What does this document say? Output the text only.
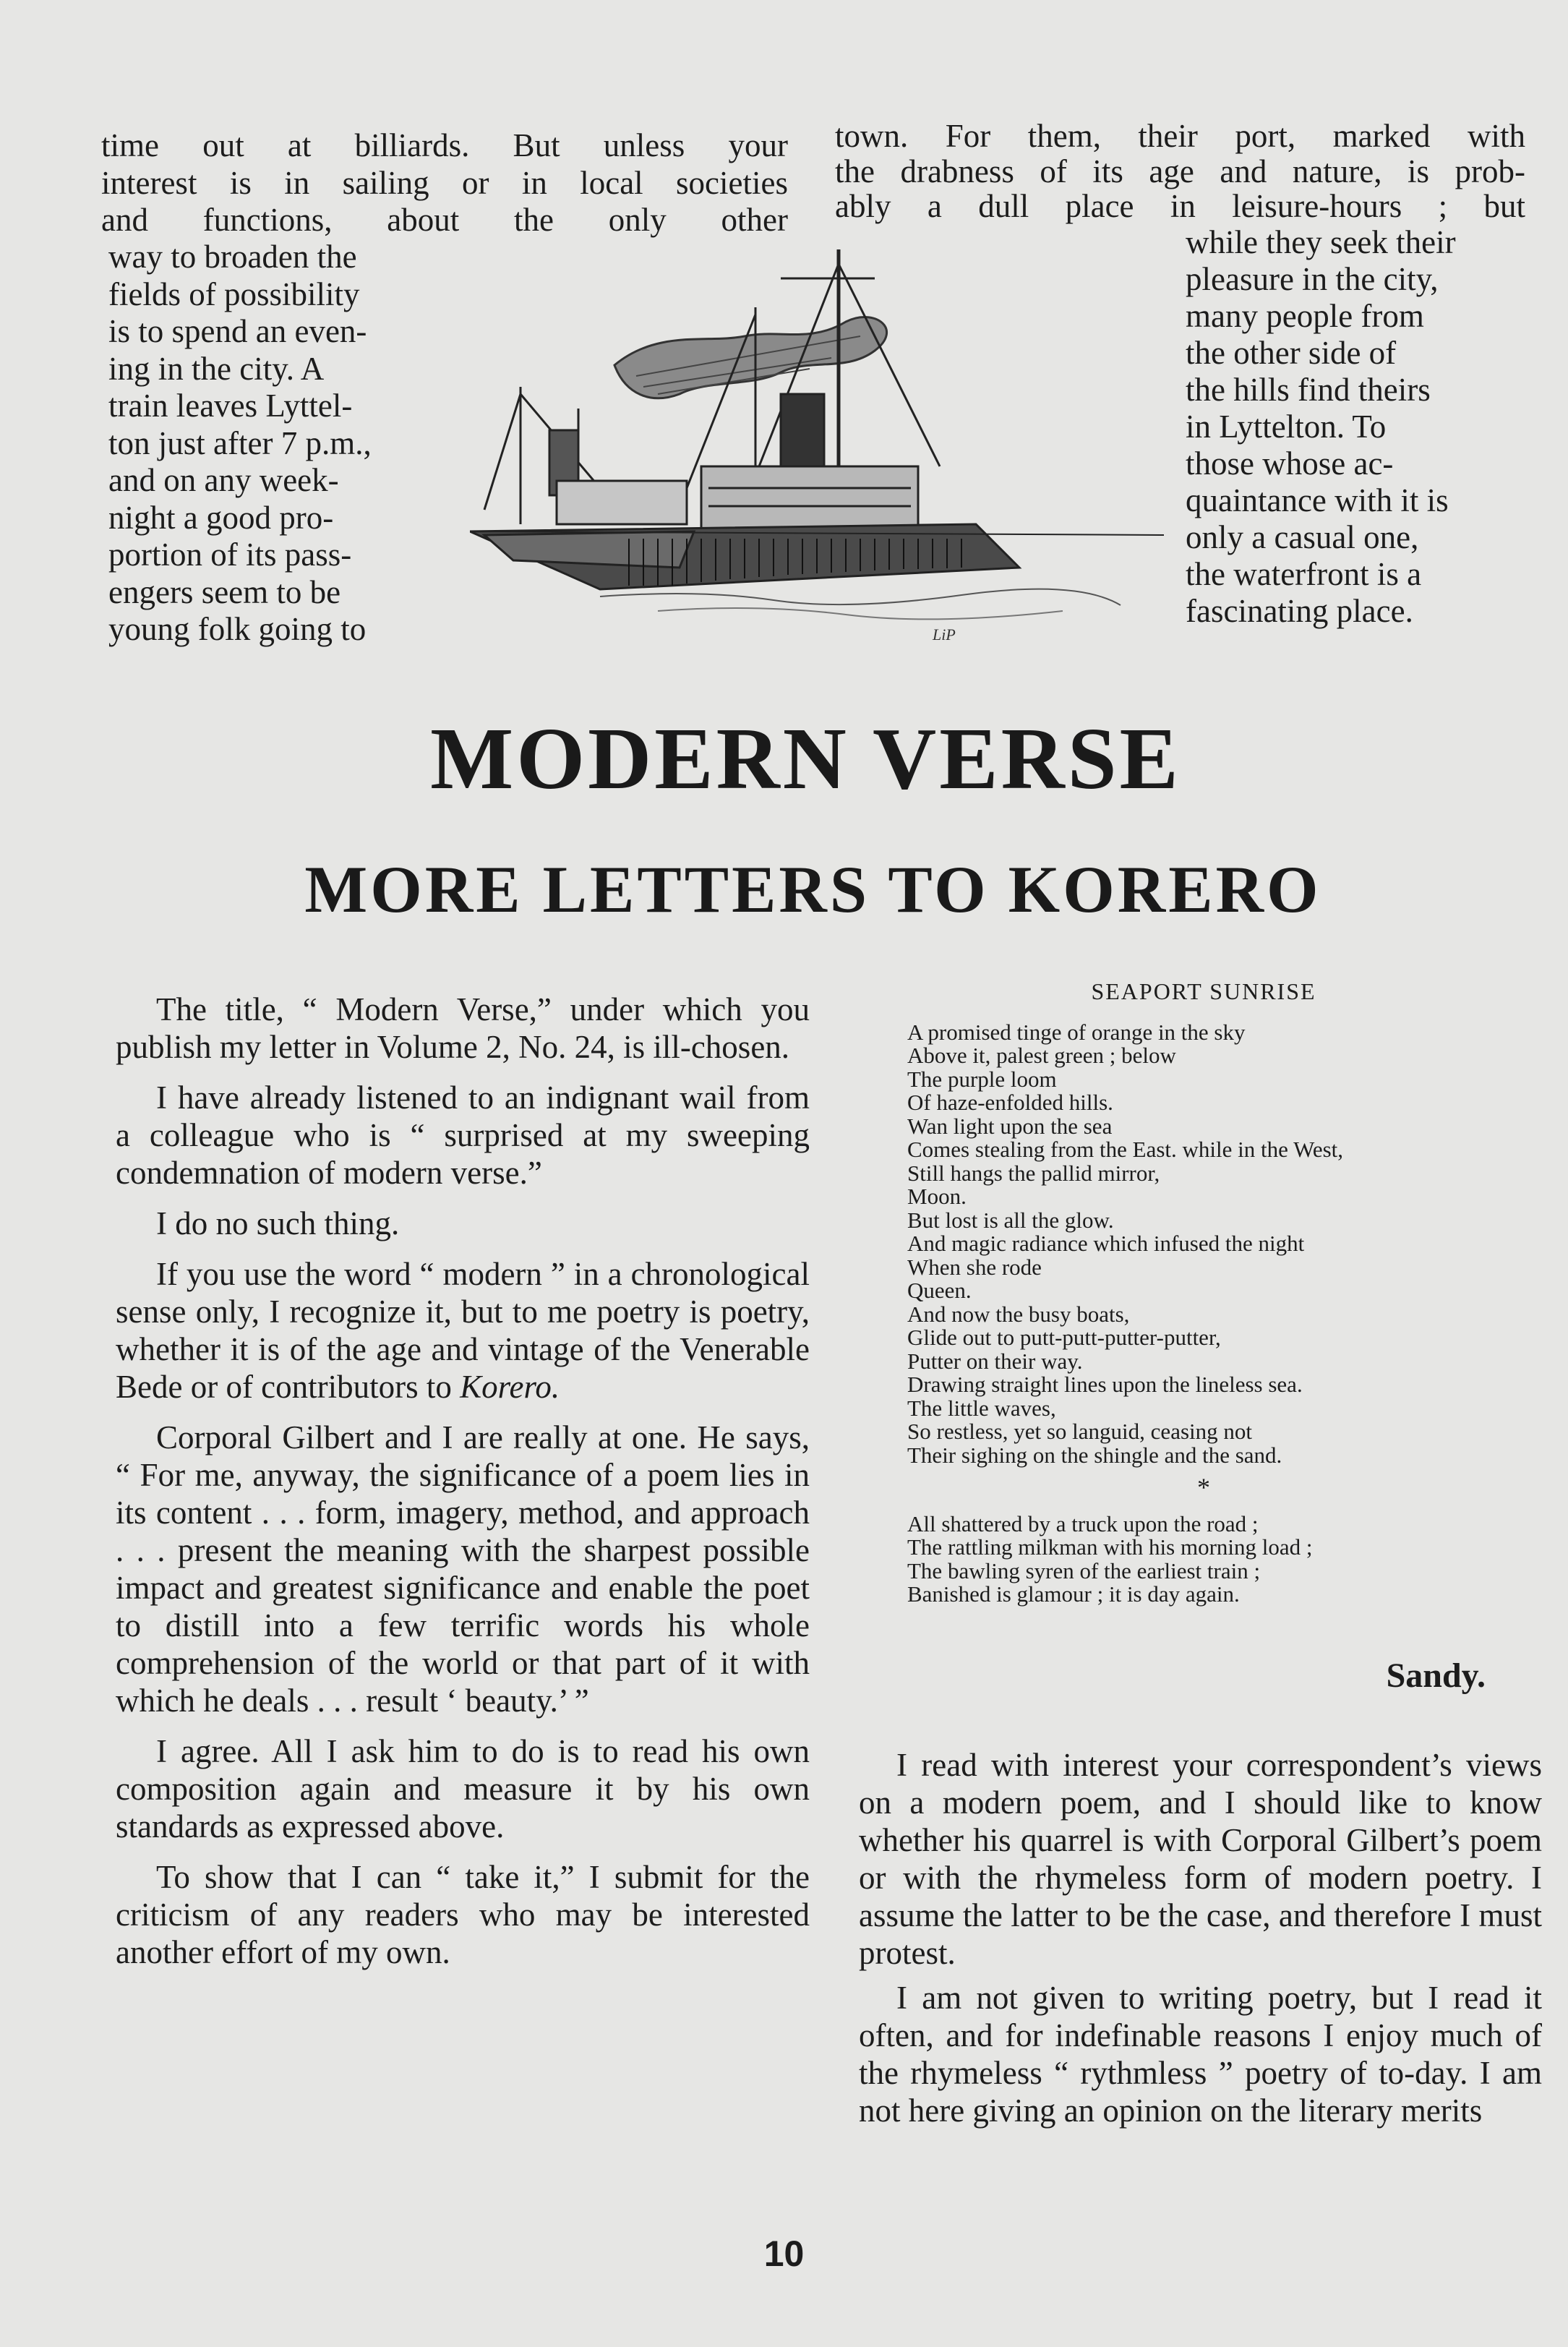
time out at billiards. But unless your

interest is in sailing or in local societies

and functions, about the only other

way to broaden the

fields of possibility

is to spend an even-

ing in the city. A

train leaves Lyttel-

ton just after 7 p.m.,

and on any week-

night a good pro-

portion of its pass-

engers seem to be

young folk going to

town. For them, their port, marked with

the drabness of its age and nature, is prob-

ably a dull place in leisure-hours ; but

while they seek their

pleasure in the city,

many people from

the other side of

the hills find theirs

in Lyttelton. To

those whose ac-

quaintance with it is

only a casual one,

the waterfront is a

fascinating place.

LiP
MODERN VERSE
MORE LETTERS TO KORERO

The title, “ Modern Verse,” under which you publish my letter in Volume 2, No. 24, is ill-chosen.

I have already listened to an indignant wail from a colleague who is “ surprised at my sweeping condemnation of modern verse.”

I do no such thing.

If you use the word “ modern ” in a chronological sense only, I recognize it, but to me poetry is poetry, whether it is of the age and vintage of the Venerable Bede or of contributors to Korero.

Corporal Gilbert and I are really at one. He says, “ For me, anyway, the significance of a poem lies in its content . . . form, imagery, method, and approach . . . present the meaning with the sharpest possible impact and greatest significance and enable the poet to distill into a few terrific words his whole comprehension of the world or that part of it with which he deals . . . result ‘ beauty.’ ”

I agree. All I ask him to do is to read his own composition again and measure it by his own standards as expressed above.

To show that I can “ take it,” I submit for the criticism of any readers who may be interested another effort of my own.

SEAPORT SUNRISE
A promised tinge of orange in the sky
Above it, palest green ; below
The purple loom
Of haze-enfolded hills.
Wan light upon the sea
Comes stealing from the East. while in the West,
Still hangs the pallid mirror,
Moon.
But lost is all the glow.
And magic radiance which infused the night
When she rode
Queen.
And now the busy boats,
Glide out to putt-putt-putter-putter,
Putter on their way.
Drawing straight lines upon the lineless sea.
The little waves,
So restless, yet so languid, ceasing not
Their sighing on the shingle and the sand.
*
All shattered by a truck upon the road ;
The rattling milkman with his morning load ;
The bawling syren of the earliest train ;
Banished is glamour ; it is day again.
Sandy.

I read with interest your correspondent’s views on a modern poem, and I should like to know whether his quarrel is with Corporal Gilbert’s poem or with the rhymeless form of modern poetry. I assume the latter to be the case, and therefore I must protest.

I am not given to writing poetry, but I read it often, and for indefinable reasons I enjoy much of the rhymeless “ rythmless ” poetry of to-day. I am not here giving an opinion on the literary merits

10
